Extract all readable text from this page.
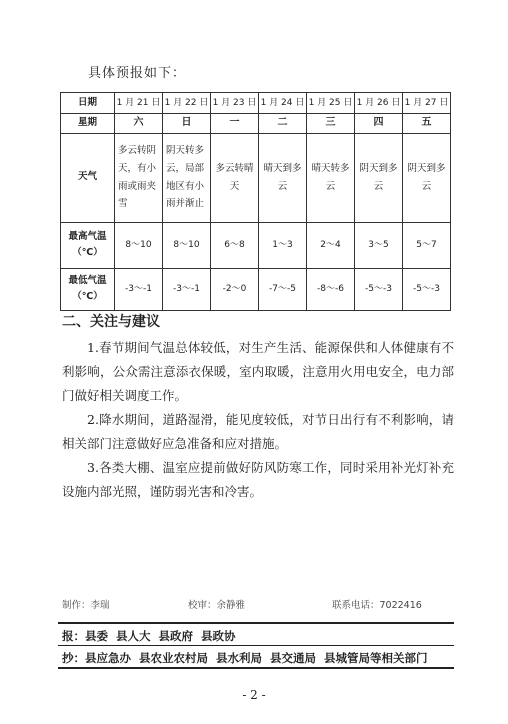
具体预报如下：
日期	1 月 21 日	1 月 22 日	1 月 23 日	1 月 24 日	1 月 25 日	1 月 26 日	1 月 27 日
星期	六	日	一	二	三	四	五
天气	多云转阴天，有小雨或雨夹雪	阴天转多云，局部地区有小雨并渐止	多云转晴天	晴天到多云	晴天转多云	阴天到多云	阴天到多云

最高气温
（℃）	8～10	8～10	6～8	1～3	2～4	3～5	5～7

最低气温
（℃）	-3～-1	-3～-1	-2～0	-7～-5	-8～-6	-5～-3	-5～-3
二、关注与建议

1.春节期间气温总体较低，对生产生活、能源保供和人体健康有不利影响，公众需注意添衣保暖，室内取暖，注意用火用电安全，电力部门做好相关调度工作。

2.降水期间，道路湿滑，能见度较低，对节日出行有不利影响，请相关部门注意做好应急准备和应对措施。

3.各类大棚、温室应提前做好防风防寒工作，同时采用补光灯补充设施内部光照，谨防弱光害和冷害。

制作：李瑞	校审：余静雅	联系电话：7022416
报：县委  县人大  县政府  县政协
抄：县应急办  县农业农村局  县水利局  县交通局  县城管局等相关部门
- 2 -
